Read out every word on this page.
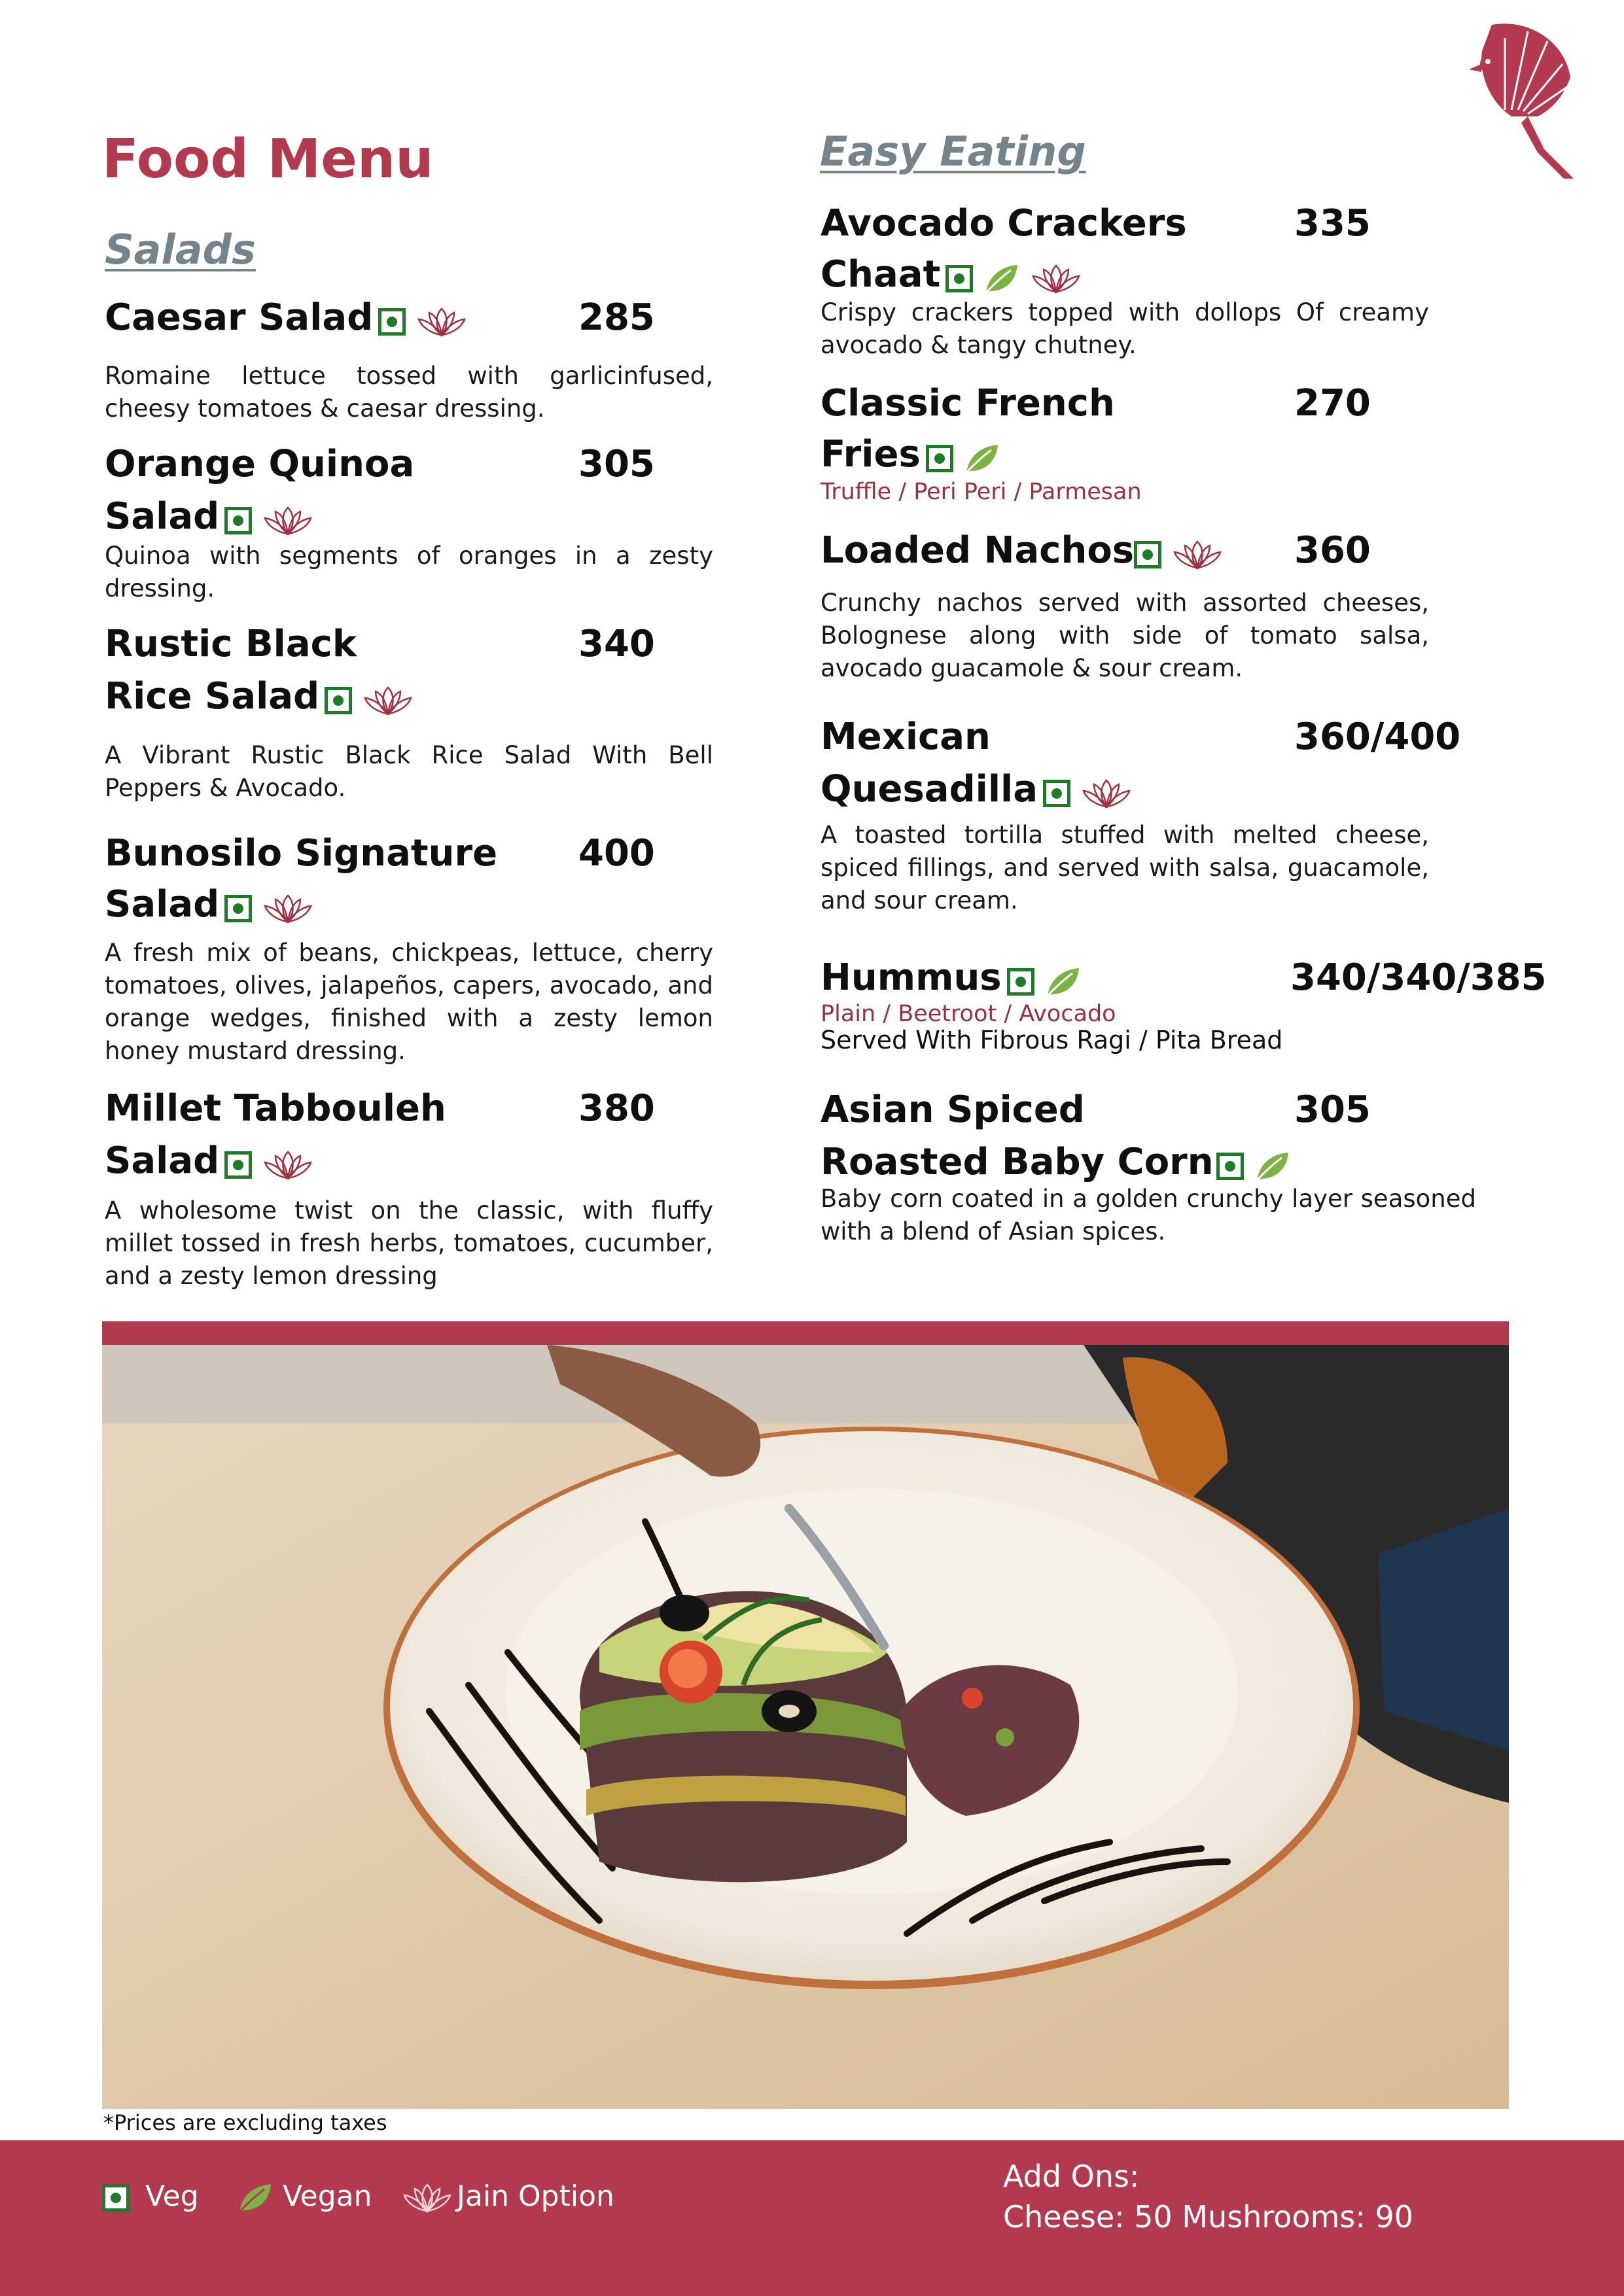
Food Menu
Salads
Caesar Salad	285
Romaine lettuce tossed with garlicinfused, cheesy tomatoes & caesar dressing.
Orange Quinoa	305
Salad
Quinoa with segments of oranges in a zesty dressing.
Rustic Black	340
Rice Salad
A Vibrant Rustic Black Rice Salad With Bell Peppers & Avocado.
Bunosilo Signature 400
Salad
A fresh mix of beans, chickpeas, lettuce, cherry tomatoes, olives, jalapeños, capers, avocado, and orange wedges, finished with a zesty lemon honey mustard dressing.
Millet Tabbouleh	380
Salad
A wholesome twist on the classic, with fluffy millet tossed in fresh herbs, tomatoes, cucumber, and a zesty lemon dressing
Easy Eating
Avocado Crackers	335
Chaat
Crispy crackers topped with dollops Of creamy avocado & tangy chutney.
Classic French	270
Fries
Truffle / Peri Peri / Parmesan
Loaded Nachos	360
Crunchy nachos served with assorted cheeses, Bolognese along with side of tomato salsa, avocado guacamole & sour cream.
Mexican	360/400
Quesadilla
A toasted tortilla stuffed with melted cheese, spiced fillings, and served with salsa, guacamole, and sour cream.
Hummus	340/340/385
Plain / Beetroot / Avocado
Served With Fibrous Ragi / Pita Bread
Asian Spiced	305
Roasted Baby Corn
Baby corn coated in a golden crunchy layer seasoned with a blend of Asian spices.
*Prices are excluding taxes
Veg	Vegan	Jain Option
Add Ons:
Cheese: 50 Mushrooms: 90
